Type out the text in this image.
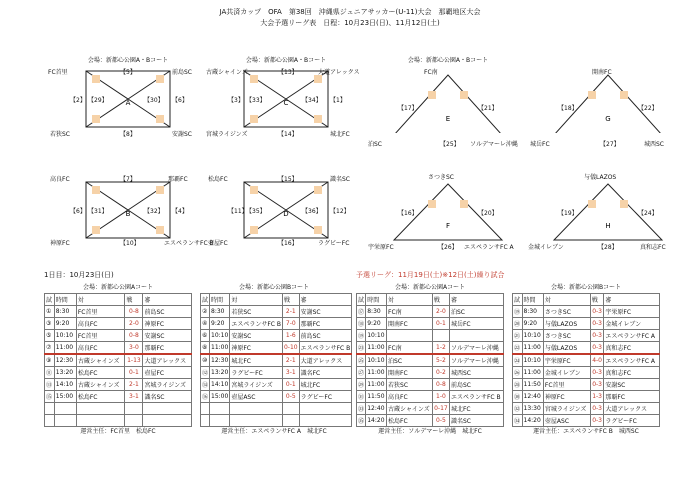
JA共済カップ　OFA　第38回　沖縄県ジュニアサッカー(U-11)大会　那覇地区大会
大会予選リーグ表　日程：10月23日(日)、11月12日(土)
会場：新都心公園A・Bコート
A
FC首里	前島SC
若狭SC	安謝SC
【5】
【29】	【30】
【8】
【2】	【6】
会場：新都心公園A・Bコート
C
古蔵シャインズ	大道アレックス
宮城ライジンズ	城北FC
【13】
【33】	【34】
【14】
【3】	【1】
B
高良FC
神原FC
那覇FC
エスペランサFC B
【7】
【31】	【32】 【4】
【10】
【6】	D
松島FC	識名SC
壺屋FC	ラグビーFC
【15】
【35】	【36】
【11】	【12】
【16】
会場：新都心公園A・Bコート
E
FC南
泊SC	ソルデマーレ沖縄
【17】	【21】
【25】
G
開南FC
城岳FC	城西SC
【18】	【22】
【27】
F
さつきSC
宇栄原FC	エスペランサFC A
【16】	【20】
【26】
H
与儀LAZOS
金城イレブン	真和志FC
【19】	【24】
【28】
1日目：10月23日(日)	予選リーグ：11月19日(土)※12日(土)繰り試合
会場：新都心公園Aコート
試	時間	対	戦	審
①	8:30	FC首里	0-8	前島SC
③	9:20	高良FC	2-0	神原FC
⑤	10:10	FC首里	0-8	安謝SC
⑦	11:00	高良FC	3-0	那覇FC
⑨	12:30	古蔵シャインズ	1-13	大道アレックス
⑪	13:20	松島FC	0-1	壺屋FC
⑬	14:10	古蔵シャインズ	2-1	宮城ライジンズ
⑮	15:00	松島FC	3-1	識名SC

運営主任：FC首里　松島FC
会場：新都心公園Bコート
試	時間	対	戦	審
②	8:30	若狭SC	2-1	安謝SC
④	9:20	エスペランサFC B	7-0	那覇FC
⑥	10:10	安謝SC	1-6	前島SC
⑧	11:00	神原FC	0-10	エスペランサFC B
⑩	12:30	城北FC	2-1	大道アレックス
⑫	13:20	ラグビーFC	3-1	識名FC
⑭	14:10	宮城ライジンズ	0-1	城北FC
⑯	15:00	壺屋ASC	0-5	ラグビーFC

運営主任：エスペランサFC A　城北FC
会場：新都心公園Aコート
試	時間	対	戦	審
⑰	8:30	FC南	2-0	泊SC
⑱	9:20	開南FC	0-1	城岳FC
⑲	10:10			
㉓	11:00	FC南	1-2	ソルデマーレ沖縄
㉕	10:10	泊SC	5-2	ソルデマーレ沖縄
㉗	11:00	開南FC	0-2	城西SC
㉙	11:00	若狭SC	0-8	前島SC
㉛	11:50	高良FC	1-0	エスペランサFC B
㉝	12:40	古蔵シャインズ	0-17	城北FC
㉟	14:20	松島FC	0-5	識名SC
運営主任：ソルデマーレ沖縄　城北FC
会場：新都心公園Bコート
試	時間	対	戦	審
⑲	8:30	さつきSC	0-3	宇栄原FC
⑳	9:20	与儀LAZOS	0-3	金城イレブン
㉑	10:10	さつきSC	0-3	エスペランサFC A
㉒	11:00	与儀LAZOS	0-3	真和志FC
㉔	10:10	宇栄原FC	4-0	エスペランサFC A
㉖	11:00	金城イレブン	0-3	真和志FC
㉘	11:50	FC首里	0-3	安謝SC
㉚	12:40	神原FC	1-3	那覇FC
㉜	13:30	宮城ライジンズ	0-3	大道アレックス
㉞	14:20	壺屋ASC	0-3	ラグビーFC
運営主任：エスペランサFC B　城西SC
